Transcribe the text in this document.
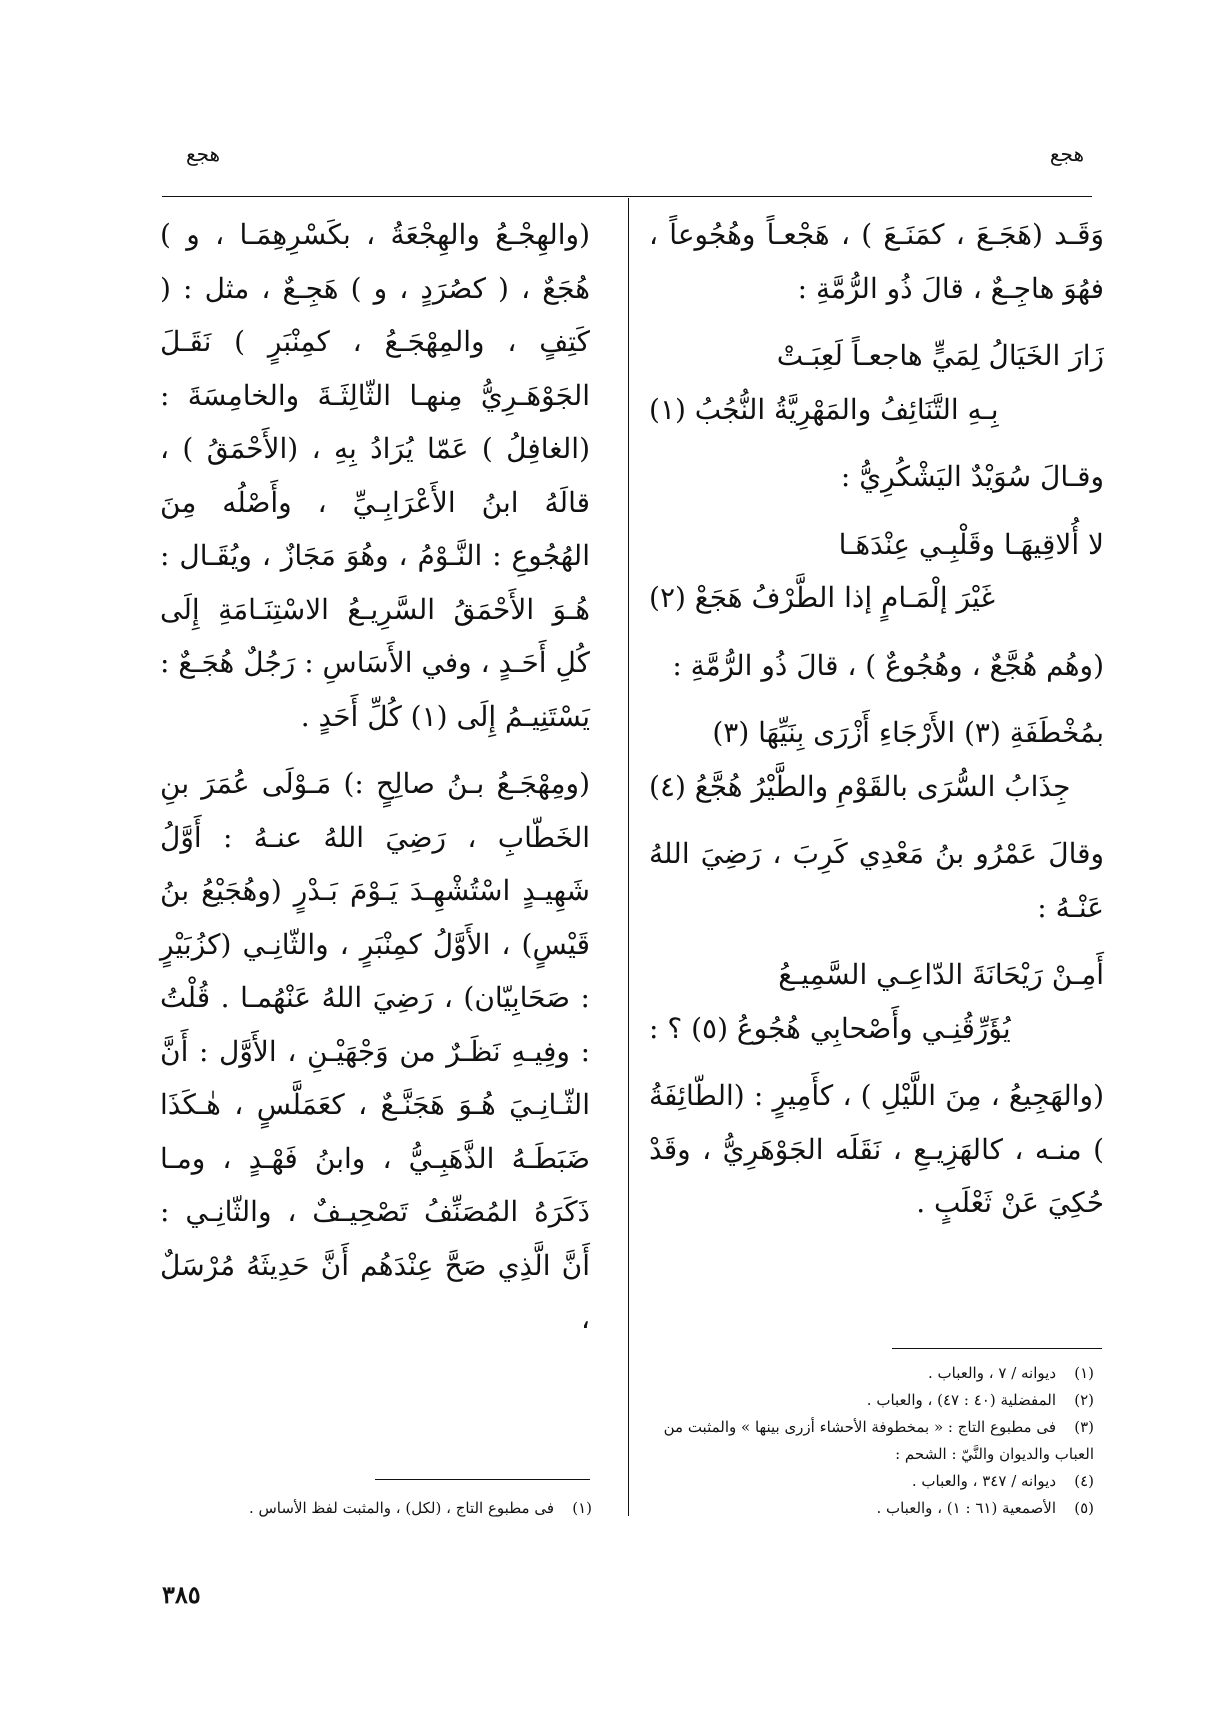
هجع
هجع

وَقَـد (هَجَـعَ ، كمَنَـعَ ) ، هَجْعـاً وهُجُوعاً ، فهُوَ هاجِـعٌ ، قالَ ذُو الرُّمَّةِ :

زَارَ الخَيَالُ لِمَيٍّ هاجعـاً لَعِبَـتْ
بِـهِ التَّنَائِفُ والمَهْرِيَّةُ النُّجُبُ (١)

وقـالَ سُوَيْدٌ اليَشْكُرِيُّ :

لا أُلاقِيهَـا وقَلْبِـي عِنْدَهَـا
غَيْرَ إلْمَـامٍ إذا الطَّرْفُ هَجَعْ (٢)

(وهُم هُجَّعٌ ، وهُجُوعٌ ) ، قالَ ذُو الرُّمَّةِ :

بمُخْطَفَةِ (٣) الأَرْجَاءِ أَزْرَى بِنَيِّهَا (٣)
جِذَابُ السُّرَى بالقَوْمِ والطَّيْرُ هُجَّعُ (٤)

وقالَ عَمْرُو بنُ مَعْدِي كَرِبَ ، رَضِيَ اللهُ عَنْـهُ :

أَمِـنْ رَيْحَانَةَ الدّاعِـي السَّمِيـعُ
يُؤَرِّقُنِـي وأَصْحابِي هُجُوعُ (٥) ؟ :

(والهَجِيعُ ، مِنَ اللَّيْلِ ) ، كأَمِيرٍ : (الطّائِفَةُ ) منـه ، كالهَزِيـعِ ، نَقَلَه الجَوْهَرِيُّ ، وقَدْ حُكِيَ عَنْ ثَعْلَبٍ .

(والهِجْـعُ والهِجْعَةُ ، بكَسْرِهِمَـا ، و ) هُجَعٌ ، ( كصُرَدٍ ، و ) هَجِـعٌ ، مثل : ( كَتِفٍ ، والمِهْجَـعُ ، كمِنْبَرٍ ) نَقَـلَ الجَوْهَـرِيُّ مِنهـا الثّالِثَـةَ والخامِسَةَ : (الغافِلُ ) عَمّا يُرَادُ بِهِ ، (الأَحْمَقُ ) ، قالَهُ ابنُ الأَعْرَابِـيِّ ، وأَصْلُه مِنَ الهُجُوعِ : النَّـوْمُ ، وهُوَ مَجَازٌ ، ويُقَـال : هُـوَ الأَحْمَقُ السَّرِيـعُ الاسْتِنَـامَةِ إِلَى كُلِ أَحَـدٍ ، وفي الأَسَاسِ : رَجُلٌ هُجَـعٌ : يَسْتَنِيـمُ إِلَى (١) كُلِّ أَحَدٍ .

(ومِهْجَـعُ بـنُ صالِحٍ :) مَـوْلَى عُمَرَ بنِ الخَطّابِ ، رَضِيَ اللهُ عنـهُ : أَوَّلُ شَهِيـدٍ اسْتُشْهِـدَ يَـوْمَ بَـدْرٍ (وهُجَيْعُ بنُ قَيْسٍ) ، الأَوَّلُ كمِنْبَرٍ ، والثّانِـي (كزُبَيْرٍ : صَحَابِيّان) ، رَضِيَ اللهُ عَنْهُمـا . قُلْتُ : وفِيـهِ نَظَـرٌ من وَجْهَيْـنِ ، الأَوَّل : أَنَّ الثّـانِـيَ هُـوَ هَجَنَّـعٌ ، كعَمَلَّسٍ ، هٰـكَذَا ضَبَطَـهُ الذَّهَبِـيُّ ، وابنُ فَهْـدٍ ، ومـا ذَكَرَهُ المُصَنِّفُ تَصْحِيـفٌ ، والثّانِـي : أَنَّ الَّذِي صَحَّ عِنْدَهُم أَنَّ حَدِيثَهُ مُرْسَلٌ ،

(١)ديوانه / ٧ ، والعباب .
(٢)المفضلية (٤٠ : ٤٧) ، والعباب .
(٣)فى مطبوع التاج : « بمخطوفة الأحشاء أزرى بينها » والمثبت من العباب والديوان والنَّيّ : الشحم :
(٤)ديوانه / ٣٤٧ ، والعباب .
(٥)الأصمعية (٦١ : ١) ، والعباب .
(١)فى مطبوع التاج ، (لكل) ، والمثبت لفظ الأساس .
٣٨٥
